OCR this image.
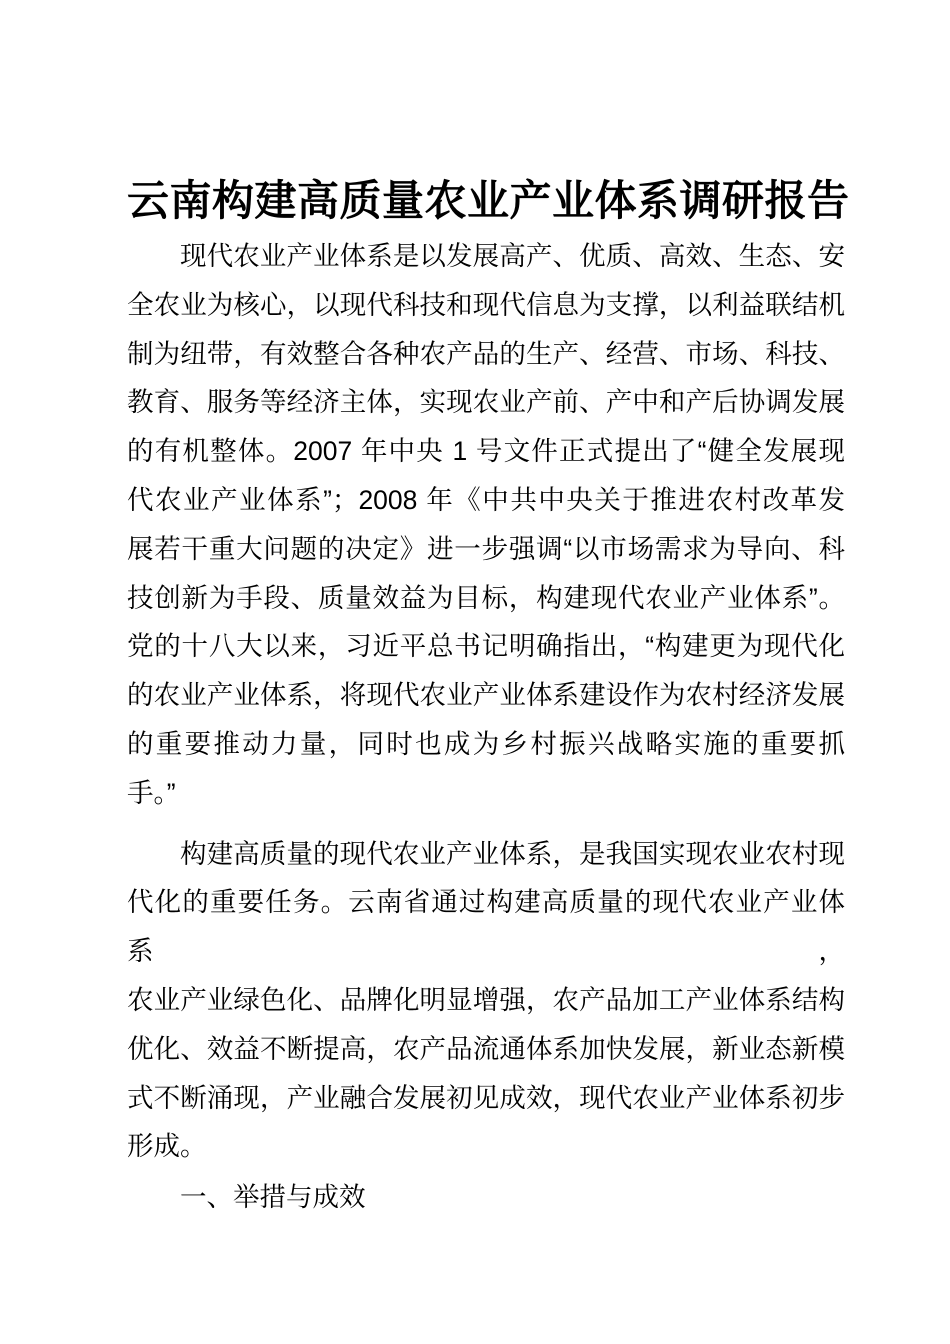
云南构建高质量农业产业体系调研报告
现代农业产业体系是以发展高产、优质、高效、生态、安
全农业为核心，以现代科技和现代信息为支撑，以利益联结机
制为纽带，有效整合各种农产品的生产、经营、市场、科技、
教育、服务等经济主体，实现农业产前、产中和产后协调发展
的有机整体。2007 年中央 1 号文件正式提出了“健全发展现
代农业产业体系”；2008 年《中共中央关于推进农村改革发
展若干重大问题的决定》进一步强调“以市场需求为导向、科
技创新为手段、质量效益为目标，构建现代农业产业体系”。
党的十八大以来，习近平总书记明确指出，“构建更为现代化
的农业产业体系，将现代农业产业体系建设作为农村经济发展
的重要推动力量，同时也成为乡村振兴战略实施的重要抓
手。”
构建高质量的现代农业产业体系，是我国实现农业农村现
代化的重要任务。云南省通过构建高质量的现代农业产业体系，
农业产业绿色化、品牌化明显增强，农产品加工产业体系结构
优化、效益不断提高，农产品流通体系加快发展，新业态新模
式不断涌现，产业融合发展初见成效，现代农业产业体系初步
形成。
一、举措与成效
